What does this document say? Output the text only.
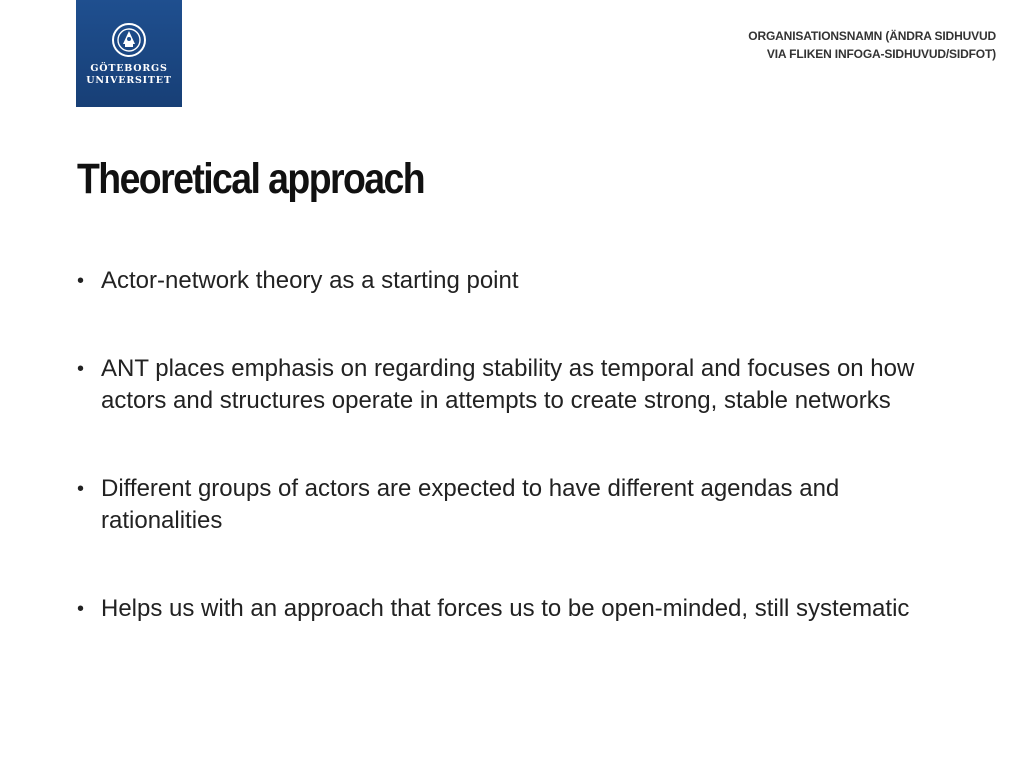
GÖTEBORGS
UNIVERSITET
ORGANISATIONSNAMN (ÄNDRA SIDHUVUD
VIA FLIKEN INFOGA-SIDHUVUD/SIDFOT)
Theoretical approach
• Actor-network theory as a starting point
• ANT places emphasis on regarding stability as temporal and focuses on how actors and structures operate in attempts to create strong, stable networks
• Different groups of actors are expected to have different agendas and rationalities
• Helps us with an approach that forces us to be open-minded, still systematic
